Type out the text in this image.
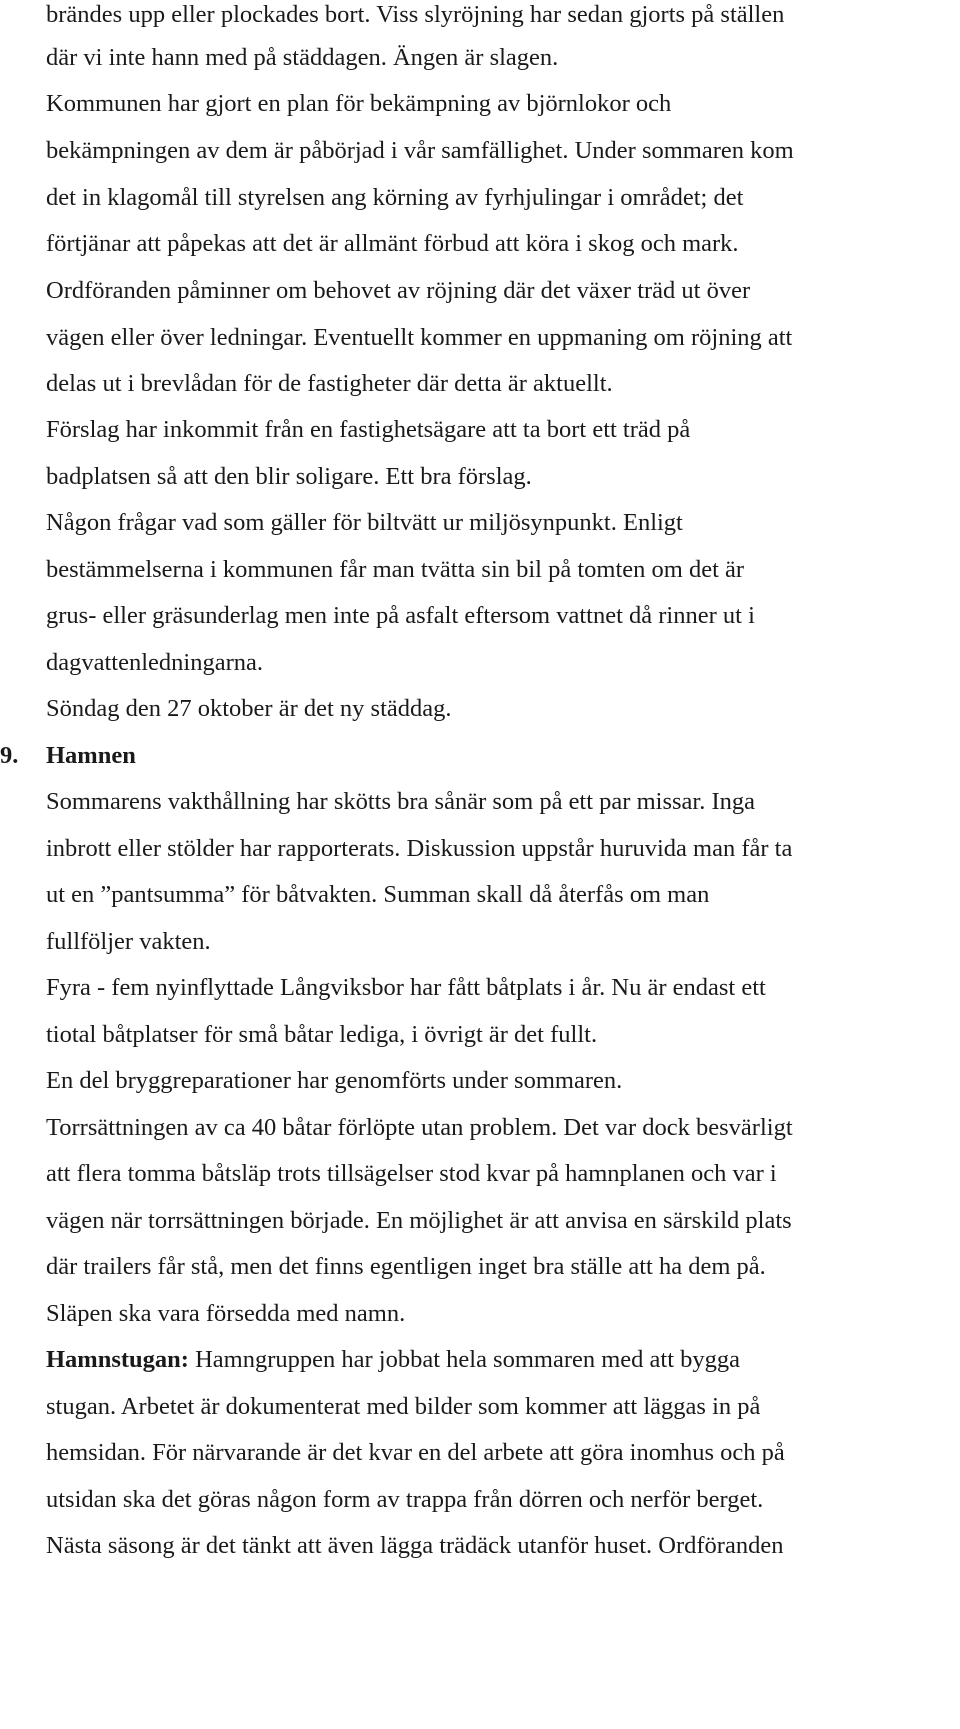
brändes upp eller plockades bort. Viss slyröjning har sedan gjorts på ställen
där vi inte hann med på städdagen. Ängen är slagen.
Kommunen har gjort en plan för bekämpning av björnlokor och
bekämpningen av dem är påbörjad i vår samfällighet. Under sommaren kom
det in klagomål till styrelsen ang körning av fyrhjulingar i området; det
förtjänar att påpekas att det är allmänt förbud att köra i skog och mark.
Ordföranden påminner om behovet av röjning där det växer träd ut över
vägen eller över ledningar. Eventuellt kommer en uppmaning om röjning att
delas ut i brevlådan för de fastigheter där detta är aktuellt.
Förslag har inkommit från en fastighetsägare att ta bort ett träd på
badplatsen så att den blir soligare. Ett bra förslag.
Någon frågar vad som gäller för biltvätt ur miljösynpunkt. Enligt
bestämmelserna i kommunen får man tvätta sin bil på tomten om det är
grus- eller gräsunderlag men inte på asfalt eftersom vattnet då rinner ut i
dagvattenledningarna.
Söndag den 27 oktober är det ny städdag.
9. Hamnen
Sommarens vakthållning har skötts bra sånär som på ett par missar. Inga
inbrott eller stölder har rapporterats. Diskussion uppstår huruvida man får ta
ut en ”pantsumma” för båtvakten. Summan skall då återfås om man
fullföljer vakten.
Fyra - fem nyinflyttade Långviksbor har fått båtplats i år. Nu är endast ett
tiotal båtplatser för små båtar lediga, i övrigt är det fullt.
En del bryggreparationer har genomförts under sommaren.
Torrsättningen av ca 40 båtar förlöpte utan problem. Det var dock besvärligt
att flera tomma båtsläp trots tillsägelser stod kvar på hamnplanen och var i
vägen när torrsättningen började. En möjlighet är att anvisa en särskild plats
där trailers får stå, men det finns egentligen inget bra ställe att ha dem på.
Släpen ska vara försedda med namn.
Hamnstugan: Hamngruppen har jobbat hela sommaren med att bygga
stugan. Arbetet är dokumenterat med bilder som kommer att läggas in på
hemsidan. För närvarande är det kvar en del arbete att göra inomhus och på
utsidan ska det göras någon form av trappa från dörren och nerför berget.
Nästa säsong är det tänkt att även lägga trädäck utanför huset. Ordföranden
